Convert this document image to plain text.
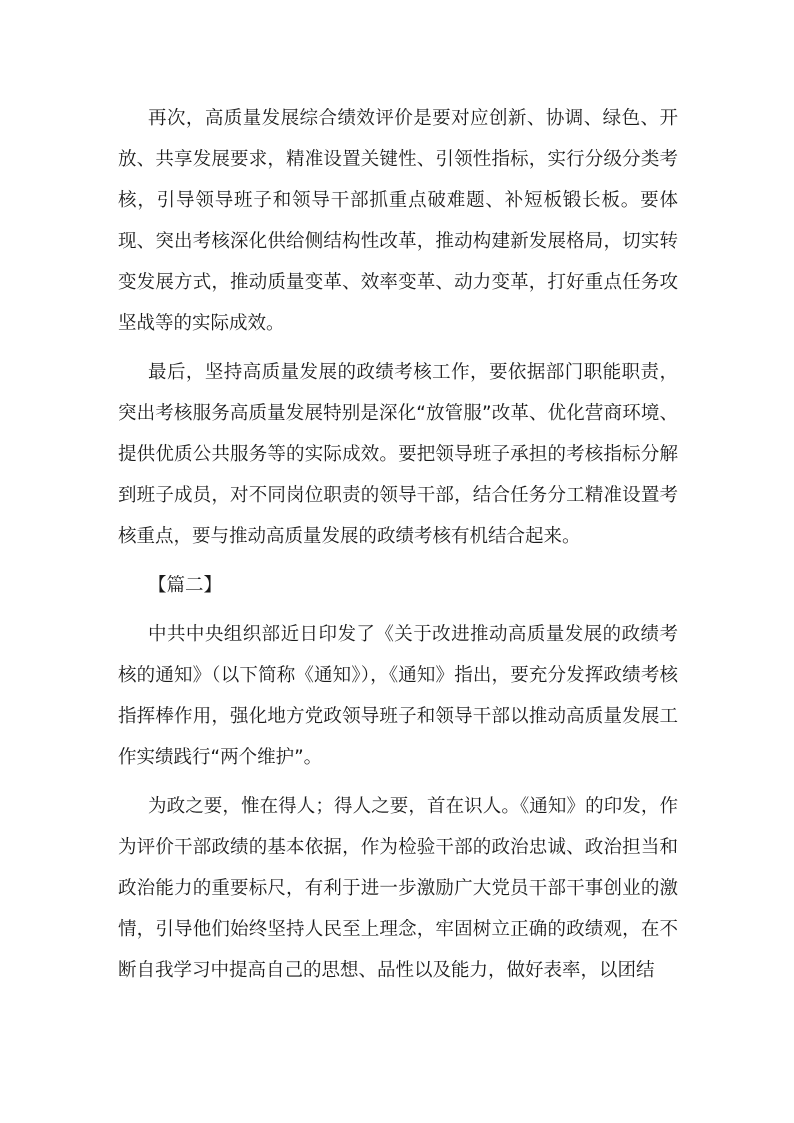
再次，高质量发展综合绩效评价是要对应创新、协调、绿色、开放、共享发展要求，精准设置关键性、引领性指标，实行分级分类考核，引导领导班子和领导干部抓重点破难题、补短板锻长板。要体现、突出考核深化供给侧结构性改革，推动构建新发展格局，切实转变发展方式，推动质量变革、效率变革、动力变革，打好重点任务攻坚战等的实际成效。

最后，坚持高质量发展的政绩考核工作，要依据部门职能职责，突出考核服务高质量发展特别是深化“放管服”改革、优化营商环境、提供优质公共服务等的实际成效。要把领导班子承担的考核指标分解到班子成员，对不同岗位职责的领导干部，结合任务分工精准设置考核重点，要与推动高质量发展的政绩考核有机结合起来。

【篇二】

中共中央组织部近日印发了《关于改进推动高质量发展的政绩考核的通知》（以下简称《通知》），《通知》指出，要充分发挥政绩考核指挥棒作用，强化地方党政领导班子和领导干部以推动高质量发展工作实绩践行“两个维护”。

为政之要，惟在得人；得人之要，首在识人。《通知》的印发，作为评价干部政绩的基本依据，作为检验干部的政治忠诚、政治担当和政治能力的重要标尺，有利于进一步激励广大党员干部干事创业的激情，引导他们始终坚持人民至上理念，牢固树立正确的政绩观，在不断自我学习中提高自己的思想、品性以及能力，做好表率，以团结
